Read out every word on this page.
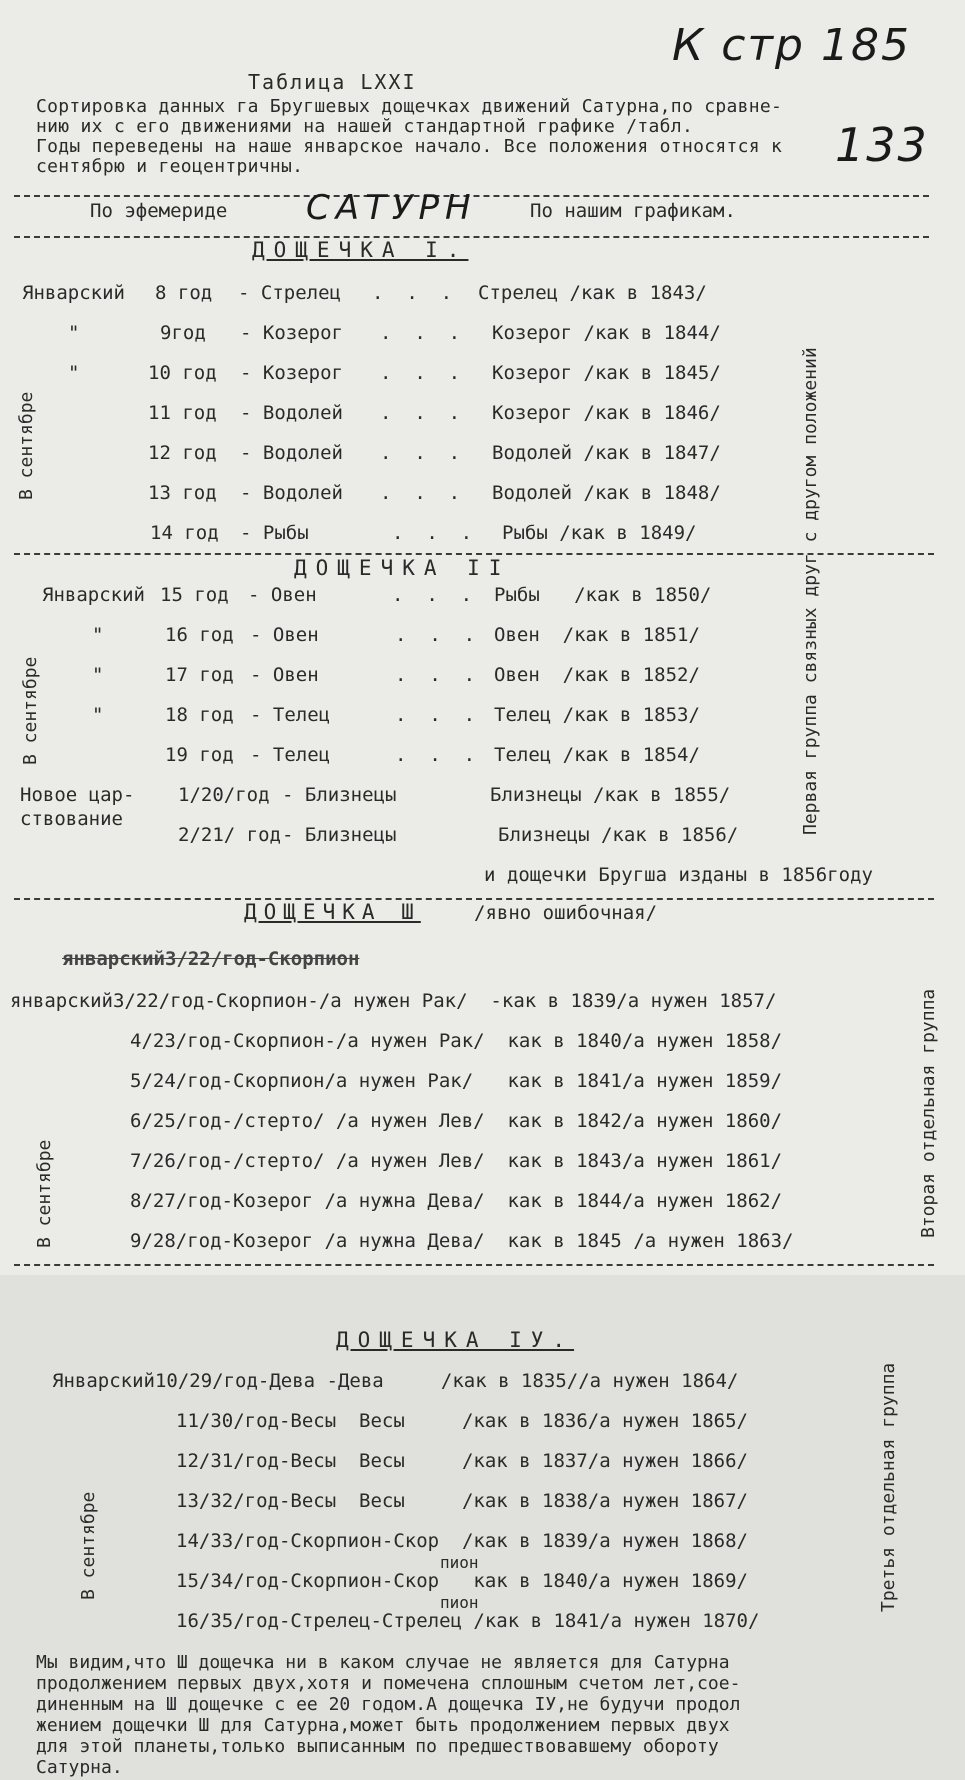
К стр 185
133
Таблица LXXI
Сортировка данных га Бругшевых дощечках движений Сатурна,по сравне-
нию их с его движениями на нашей стандартной графике /табл.
Годы переведены на наше январское начало. Все положения относятся к
сентябрю и геоцентричны.
По эфемериде САТУРН	По нашим графикам.
ДОЩЕЧКА I.
В сентябре
Январский 8 год - Стрелец .  .  . Стрелец /как в 1843/
"	9год - Козерог .  .  . Козерог /как в 1844/
"	10 год - Козерог .  .  . Козерог /как в 1845/
11 год - Водолей .  .  . Козерог /как в 1846/
12 год - Водолей .  .  . Водолей /как в 1847/
13 год - Водолей .  .  . Водолей /как в 1848/
14 год - Рыбы	.  .  . Рыбы /как в 1849/	Первая группа связных друг с другом положений
ДОЩЕЧКА II
В сентябре
Январский 15 год - Овен	.  .  . Рыбы   /как в 1850/
"	16 год - Овен	.  .  . Овен  /как в 1851/
"	17 год - Овен	.  .  . Овен  /как в 1852/
"	18 год - Телец	.  .  . Телец /как в 1853/
19 год - Телец	.  .  . Телец /как в 1854/
Новое цар- 1/20/год - Близнецы	Близнецы /как в 1855/
ствование
2/21/ год - Близнецы	Близнецы /как в 1856/
и дощечки Бругша изданы в 1856году
ДОЩЕЧКА Ш	/явно ошибочная/
январский3/22/год-Скорпион
В сентябре
январский3/22/год-Скорпион-/а нужен Рак/  -как в 1839/а нужен 1857/
4/23/год-Скорпион-/а нужен Рак/  как в 1840/а нужен 1858/
5/24/год-Скорпион/а нужен Рак/   как в 1841/а нужен 1859/
6/25/год-/стерто/ /а нужен Лев/  как в 1842/а нужен 1860/
7/26/год-/стерто/ /а нужен Лев/  как в 1843/а нужен 1861/
8/27/год-Козерог /а нужна Дева/  как в 1844/а нужен 1862/
9/28/год-Козерог /а нужна Дева/  как в 1845 /а нужен 1863/
Вторая отдельная группа
ДОЩЕЧКА IУ.
В сентябре
Январский10/29/год-Дева -Дева     /как в 1835//а нужен 1864/
11/30/год-Весы  Весы     /как в 1836/а нужен 1865/
12/31/год-Весы  Весы     /как в 1837/а нужен 1866/
13/32/год-Весы  Весы     /как в 1838/а нужен 1867/
14/33/год-Скорпион-Скор  /как в 1839/а нужен 1868/
15/34/год-Скорпион-Скор   как в 1840/а нужен 1869/
16/35/год-Стрелец-Стрелец /как в 1841/а нужен 1870/
пион
пион	Третья отдельная группа
Мы видим,что Ш дощечка ни в каком случае не является для Сатурна
продолжением первых двух,хотя и помечена сплошным счетом лет,сое-
диненным на Ш дощечке с ее 20 годом.А дощечка IУ,не будучи продол
жением дощечки Ш для Сатурна,может быть продолжением первых двух
для этой планеты,только выписанным по предшествовавшему обороту
Сатурна.
